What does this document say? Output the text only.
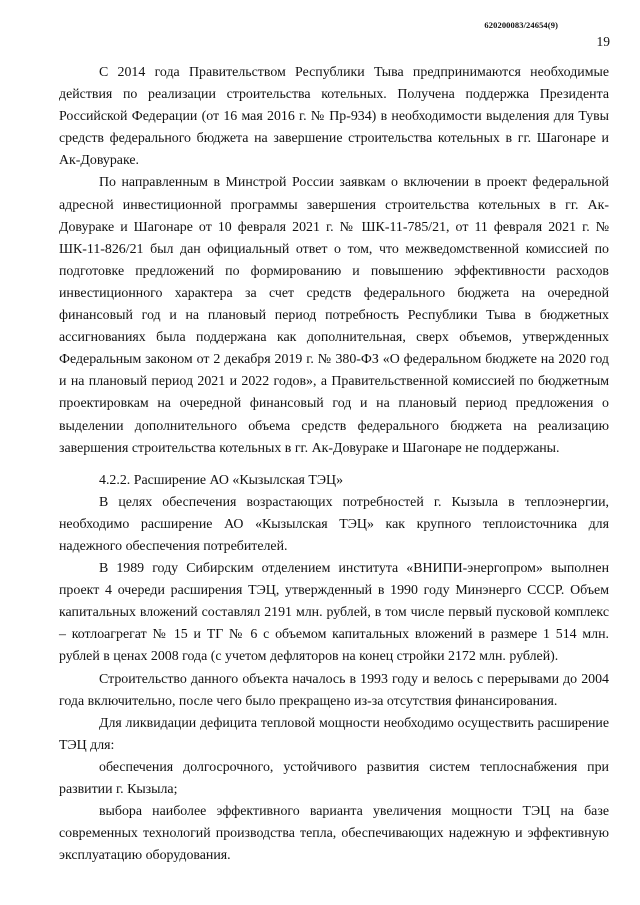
620200083/24654(9)
19

С 2014 года Правительством Республики Тыва предпринимаются необходимые действия по реализации строительства котельных. Получена поддержка Президента Российской Федерации (от 16 мая 2016 г. № Пр-934) в необходимости выделения для Тувы средств федерального бюджета на завершение строительства котельных в гг. Шагонаре и Ак-Довураке.

По направленным в Минстрой России заявкам о включении в проект федеральной адресной инвестиционной программы завершения строительства котельных в гг. Ак-Довураке и Шагонаре от 10 февраля 2021 г. № ШК-11-785/21, от 11 февраля 2021 г. № ШК-11-826/21 был дан официальный ответ о том, что межведомственной комиссией по подготовке предложений по формированию и повышению эффективности расходов инвестиционного характера за счет средств федерального бюджета на очередной финансовый год и на плановый период потребность Республики Тыва в бюджетных ассигнованиях была поддержана как дополнительная, сверх объемов, утвержденных Федеральным законом от 2 декабря 2019 г. № 380-ФЗ «О федеральном бюджете на 2020 год и на плановый период 2021 и 2022 годов», а Правительственной комиссией по бюджетным проектировкам на очередной финансовый год и на плановый период предложения о выделении дополнительного объема средств федерального бюджета на реализацию завершения строительства котельных в гг. Ак-Довураке и Шагонаре не поддержаны.

4.2.2. Расширение АО «Кызылская ТЭЦ»

В целях обеспечения возрастающих потребностей г. Кызыла в теплоэнергии, необходимо расширение АО «Кызылская ТЭЦ» как крупного теплоисточника для надежного обеспечения потребителей.

В 1989 году Сибирским отделением института «ВНИПИ-энергопром» выполнен проект 4 очереди расширения ТЭЦ, утвержденный в 1990 году Минэнерго СССР. Объем капитальных вложений составлял 2191 млн. рублей, в том числе первый пусковой комплекс – котлоагрегат № 15 и ТГ № 6 с объемом капитальных вложений в размере 1 514 млн. рублей в ценах 2008 года (с учетом дефляторов на конец стройки 2172 млн. рублей).

Строительство данного объекта началось в 1993 году и велось с перерывами до 2004 года включительно, после чего было прекращено из-за отсутствия финансирования.

Для ликвидации дефицита тепловой мощности необходимо осуществить расширение ТЭЦ для:

обеспечения долгосрочного, устойчивого развития систем теплоснабжения при развитии г. Кызыла;

выбора наиболее эффективного варианта увеличения мощности ТЭЦ на базе современных технологий производства тепла, обеспечивающих надежную и эффективную эксплуатацию оборудования.
